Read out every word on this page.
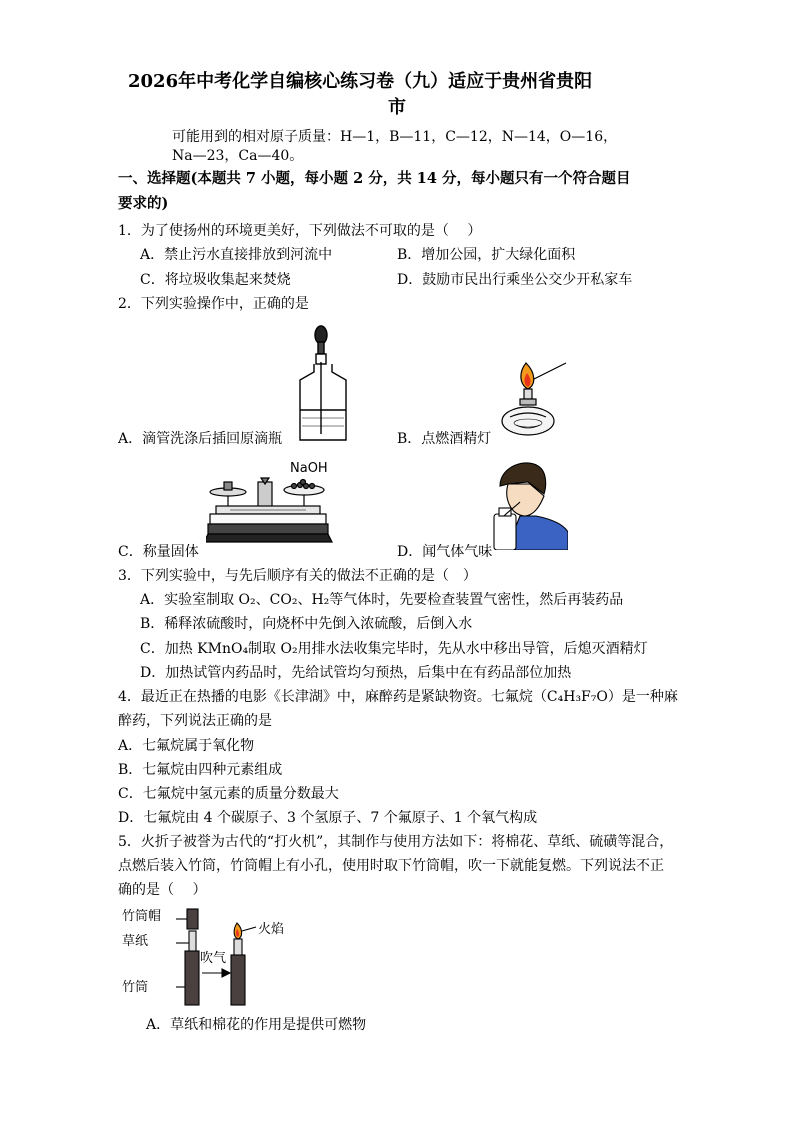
2026年中考化学自编核心练习卷（九）适应于贵州省贵阳
市
可能用到的相对原子质量：H—1，B—11，C—12，N—14，O—16，
Na—23，Ca—40。
一、选择题(本题共 7 小题，每小题 2 分，共 14 分，每小题只有一个符合题目
要求的)
1．为了使扬州的环境更美好，下列做法不可取的是（　 ）
A．禁止污水直接排放到河流中	B．增加公园，扩大绿化面积
C．将垃圾收集起来焚烧	D．鼓励市民出行乘坐公交少开私家车
2．下列实验操作中，正确的是
A．滴管洗涤后插回原滴瓶	B．点燃酒精灯
NaOH
C．称量固体	D．闻气体气味
3．下列实验中，与先后顺序有关的做法不正确的是（　）
A．实验室制取 O₂、CO₂、H₂等气体时，先要检查装置气密性，然后再装药品
B．稀释浓硫酸时，向烧杯中先倒入浓硫酸，后倒入水
C．加热 KMnO₄制取 O₂用排水法收集完毕时，先从水中移出导管，后熄灭酒精灯
D．加热试管内药品时，先给试管均匀预热，后集中在有药品部位加热
4．最近正在热播的电影《长津湖》中，麻醉药是紧缺物资。七氟烷（C₄H₃F₇O）是一种麻
醉药，下列说法正确的是
A．七氟烷属于氧化物
B．七氟烷由四种元素组成
C．七氟烷中氢元素的质量分数最大
D．七氟烷由 4 个碳原子、3 个氢原子、7 个氟原子、1 个氧气构成
5．火折子被誉为古代的“打火机”，其制作与使用方法如下：将棉花、草纸、硫磺等混合，
点燃后装入竹筒，竹筒帽上有小孔，使用时取下竹筒帽，吹一下就能复燃。下列说法不正
确的是（　 ）
竹筒帽
草纸
竹筒
吹气
火焰
A．草纸和棉花的作用是提供可燃物
